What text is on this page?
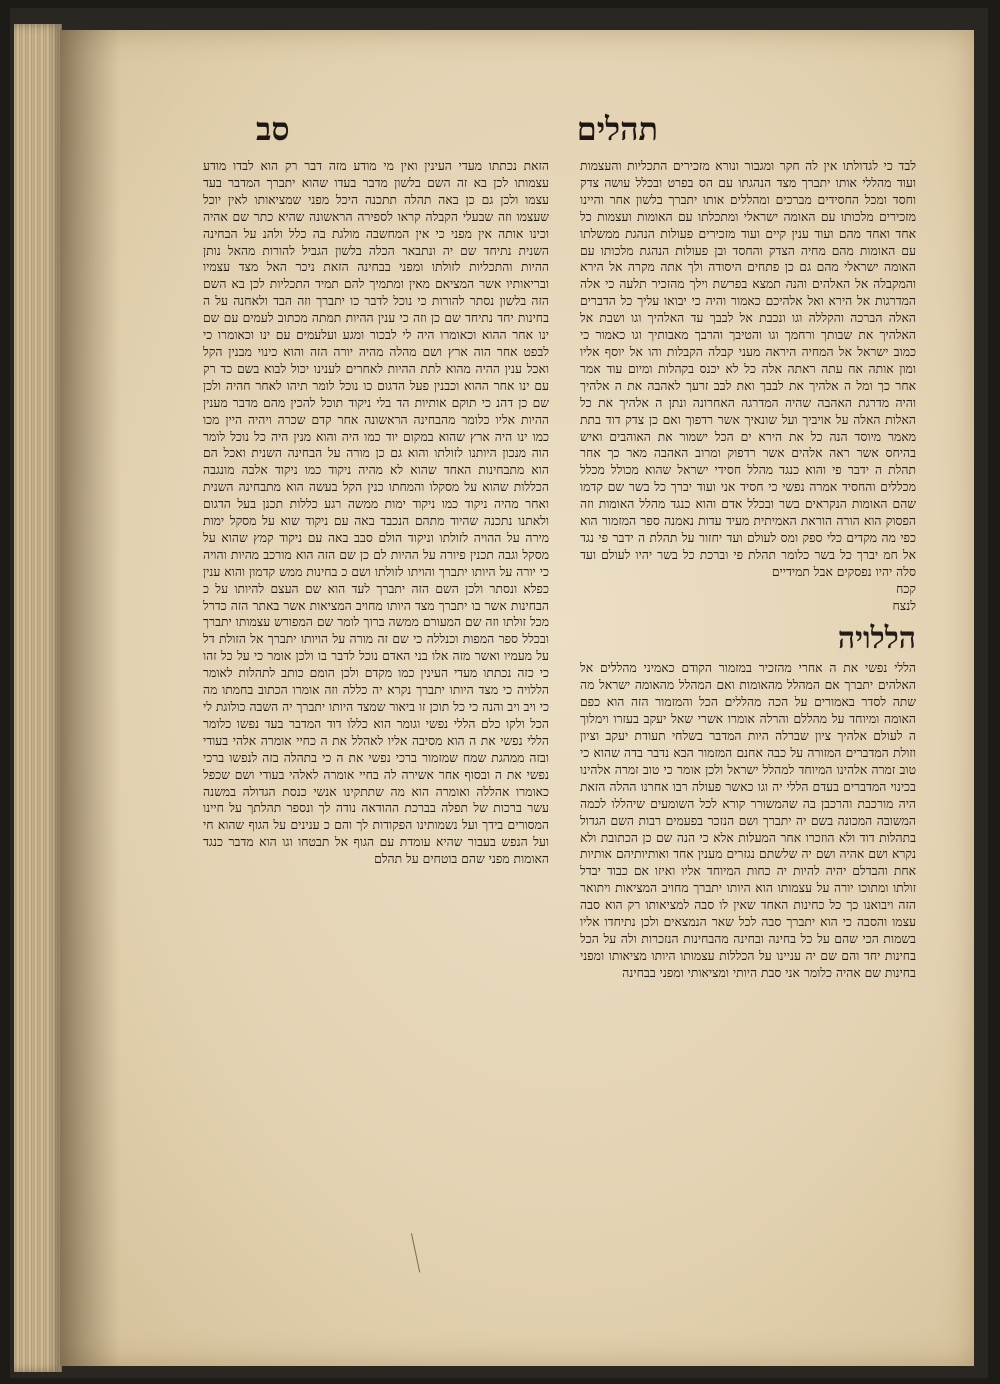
תהלים
סב

לבד כי לגדולתו אין לה חקר ומגבור ונורא מזכירים התכליות והעצמות ועוד מהללי אותו יתברך מצד הנהגתו עם הס בפרט ובכלל עושה צדק וחסד ומכל החסידים מברכים ומהללים אותו יתברך בלשון אחר והיינו מזכירים מלכותו עם האומה ישראלי ומתכלתו עם האומות ועצמות כל אחד ואחד מהם ועוד ענין קיים ועוד מזכירים פעולות הנהגת ממשלתו עם האומות מהם מחיה הצדק והחסד ובן פעולות הנהגת מלכותו עם האומה ישראלי מהם גם כן פתחים היסודה ולך אתה מקרה אל הירא והמקבלה אל האלהים והנה תמצא בפרשת וילך מהזכיר תלעה כי אלה המדרגות אל הירא ואל אלהיכם כאמור והיה כי יבואו עליך כל הדברים האלה הברכה והקללה וגו ונכבת אל לבבך עד האלהיך וגו ושבת אל האלהיך את שבותך ורחמך וגו והטיבך והרבך מאבותיך וגו כאמור כי כמוב ישראל אל המחיה היראה מעני קבלה הקבלות והו אל יוסף אליו ומון אותה אח עתה ראתה אלה כל לא יכנס בקהלות ומיום עוד אמר אחר כך ומל ה אלהיך את לבבך ואת לבב זרעך לאהבה את ה אלהיך והיה מדרגת האהבה שהיה המדרגה האחרונה ונתן ה אלהיך את כל האלות האלה על אויביך ועל שונאיך אשר רדפוך ואם כן צדק דוד בתת מאמר מיוסד הנה כל את הירא ים הכל ישמור את האוהבים ואיש בהיחס אשר ראה אלהים אשר רדפוק ומרוב האהבה מאר כך אחר תהלת ה ידבר פי והוא כנגד מהלל חסידי ישראל שהוא מכולל מכלל מכללים והחסיד אמרה נפשי כי חסיד אני ועוד יברך כל בשר שם קדמו שהם האומות הנקראים בשר ובכלל אדם והוא כנגד מהלל האומות וזה הפסוק הוא הורה הוראת האמיתית מעיד עדות נאמנה ספר המזמור הוא כפי מה מקדים כלי ספק ומס לעולם ועד יחזור על תהלת ה ידבר פי נגד אל חמ יברך כל בשר כלומר תהלת פי וברכת כל בשר יהיו לעולם ועד סלה יהיו נפסקים אבל תמידיים

קכח

לנצח

הללויה

הללי נפשי את ה אחרי מהזכיר במזמור הקודם כאמיני מהללים אל האלהים יתברך אם המהלל מהאומות ואם המהלל מהאומה ישראל מה שתה לסדר באמורים על הכה מהללים הכל והמזמור הזה הוא כפם האומה ומיוחד על מהללם והרלה אומרו אשרי שאל יעקב בעזרו וימלוך ה לעולם אלהיך ציון שברלה היות המדבר בשלחי תעודת יעקב וציון וזולת המדברים המזורה על כבה אחנם המזמור הבא נדבר בדה שהוא כי טוב זמרה אלהינו המיוחד למהלל ישראל ולכן אומר כי טוב זמרה אלהינו בכינוי המדברים בעדם הללי יה וגו כאשר פעולה רבו אחרנו ההלה הזאת היה מורכבת והרכבן בה שהמשורר קורא לכל השומעים שיהללו לכמה המשובה המכונה בשם יה יתברך ושם הנזכר בפעמים רבות השם הגדול בתהלות דוד ולא הוזכרו אחר המעלות אלא כי הנה שם כן הכתובת ולא נקרא ושם אהיה ושם יה שלשתם נגזרים מענין אחד ואותיותיהם אותיות אחת והבדלם יהיה להיות יה כחות המיוחד אליו ואיזו אם כבוד יבדל זולתו ומתוכו יורה על עצמותו הוא היותו יתברך מחויב המציאות ויתואר הזה ויבואנו כך כל כחינות האחד שאין לו סבה למציאותו רק הוא סבה עצמו והסבה כי הוא יתברך סבה לכל שאר הנמצאים ולכן נתיחדו אליו בשמות הכי שהם על כל בחינה ובחינה מהבחינות הנזכרות ולה על הכל בחינות יחד והם שם יה עניינו על הכללות עצמותו היותו מציאותו ומפני בחינות שם אהיה כלומר אני סבת היותי ומציאותי ומפני בבחינה

הזאת נכתתו מעדי העינין ואין מי מודע מזה דבר רק הוא לבדו מודע עצמותו לכן בא זה השם בלשון מדבר בעדו שהוא יתברך המדבר בעד עצמו ולכן גם כן באה תהלה תתכנה היכל מפני שמציאותו לאין יוכל שעצמו וזה שבעלי הקבלה קראו לספירה הראשונה שהיא כתר שם אהיה וכינו אותה אין מפני כי אין המחשבה מולגת בה כלל ולהנ על הבחינה השנית נתיחד שם יה ונתבאר הכלה בלשון הגביל להורות מהאל נותן ההיות והתכליות לזולתו ומפני בבחינה הזאת ניכר האל מצד עצמיו ובריאותיו אשר המציאם מאין ומתמיך להם תמיד התכליות לכן בא השם הזה בלשון נסתר להורות כי נוכל לדבר כו יתברך וזה הבד ולאחנה על ה בחינות יחד נתיחד שם כן וזה כי ענין ההיות תמתה מכתוב לעמים עם שם ינו אחר ההוא וכאומרו היה לי לבכור ומגע ועלעמים עם ינו וכאומרו כי לבפט אחר הוה ארץ ושם מהלה מהיה יורה הזה והוא כינוי מבנין הקל ואכל ענין ההיה מהוא לתת ההיות לאחרים לענינו יכול לבוא בשם כד רק עם ינו אחר ההוא וכבנין פעל הדגום כו נוכל לומר תיהו לאחר חהיה ולכן שם כן דהנ כי תוקם אותיות הד בלי ניקוד תוכל להכין מהם מדבר מענין ההיות אליו כלומר מהבחינה הראשונה אחר קדם שכרה ויהיה היין מכו כמו ינו היה ארץ שהוא במקום יוד כמו היה והוא מנין היה כל נוכל לומר הוה מנכון היותנו לזולתו והוא גם כן מורה על הבחינה השנית ואכל הם הוא מתבחינות האחד שהוא לא מהיה ניקוד כמו ניקוד אלבה מונגבה הכללות שהוא על מסקלו והמחתו כנין הקל בעשה הוא מתבחינה השנית ואחר מהיה ניקוד כמו ניקוד ימות ממשה רגע כללות תכנן בעל הדגום ולאתנו נתכנה שהיוד מתהם הנכבד באה עם ניקוד שוא על מסקל ימות מירה על ההויה לזולתו וניקוד הולם סבב באה עם ניקוד קמץ שהוא על מסקל וגבה תכנין פיורה על ההיות לם כן שם הזה הוא מורכב מהיות והויה כי יורה על היותו יתברך והויתו לזולתו ושם כ בחינות ממש קדמון והוא ענין כפלא ונסתר ולכן השם הזה יתברך לעד הוא שם העצם להיותו על כ הבחינות אשר בו יתברך מצד היותו מחויב המציאות אשר באתר הזה כדרל מכל זולתו וזה שם המעורם ממשה ברוך לומר שם המפורש עצמותו יתברך ובכלל ספר המפות וכנללה כי שם זה מורה על הויותו יתברך אל הזולת דל על מעמיו ואשר מזה אלו בני האדם נוכל לדבר בו ולכן אומר כי על כל זהו כי כזה נכתתו מעדי העינין כמו מקדם ולכן הומם כותב לתהלות לאומר הללויה כי מצד היותו יתברך נקרא יה כללה וזה אומרו הכתוב בחמתו מה כי ויב ויב והנה כי כל תוכן זו ביאור שמצד היותו יתברך יה השבה כולוגת לי הכל ולקו כלם הללי נפשי וגומר הוא כללו דוד המדבר בעד נפשו כלומר הללי נפשי את ה הוא מסיבה אליו לאהלל את ה כחיי אומרה אלהי בעודי ובזה ממהגת שמח שמזמור ברכי נפשי את ה כי בתהלה בזה לנפשו ברכי נפשי את ה ובסוף אחר אשירה לה בחיי אומרה לאלהי בעודי ושם שכפל כאומרו אהללה ואומרה הוא מה שתתקינו אנשי כנסת הגדולה במשנה עשר ברכות של תפלה בברכת ההודאה נודה לך ונספר תהלתך על חיינו המסורים בידך ועל נשמותינו הפקודות לך והם כ ענינים על הגוף שהוא חי ועל הנפש בעבור שהיא עומדת עם הגוף אל תבטחו וגו הוא מדבר כנגד האומות מפני שהם בוטחים על תהלם
